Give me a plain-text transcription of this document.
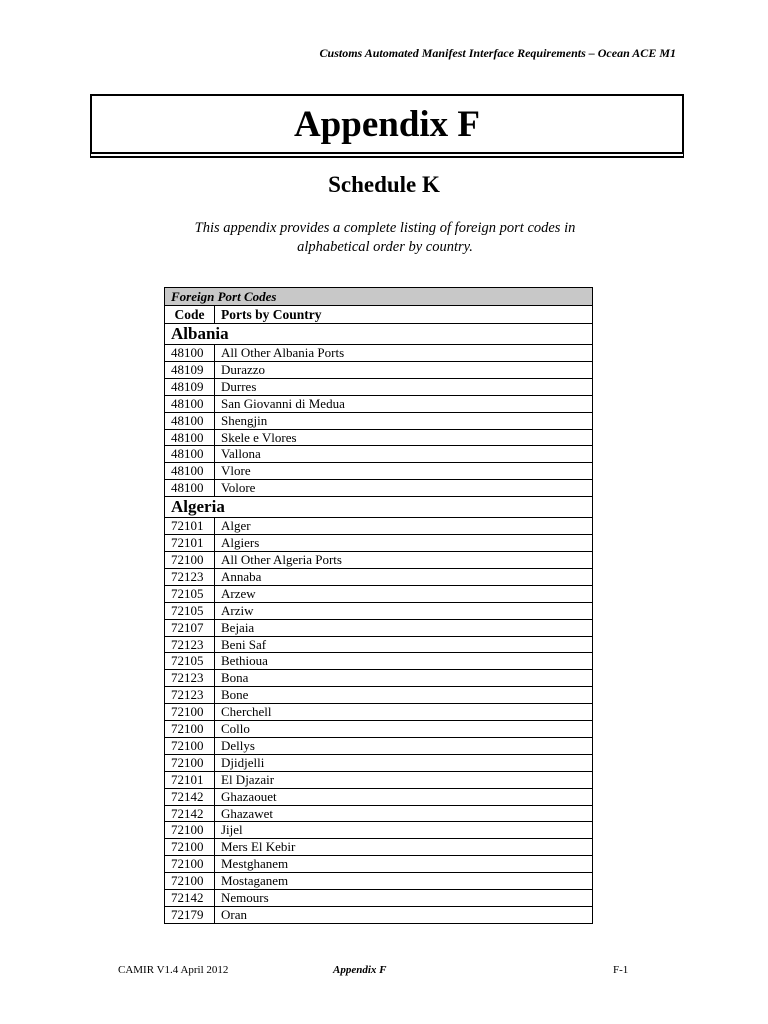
Customs Automated Manifest Interface Requirements – Ocean ACE M1
Appendix F
Schedule K
This appendix provides a complete listing of foreign port codes in alphabetical order by country.
Foreign Port Codes	
Code	Ports by Country
Albania	
48100	All Other Albania Ports
48109	Durazzo
48109	Durres
48100	San Giovanni di Medua
48100	Shengjin
48100	Skele e Vlores
48100	Vallona
48100	Vlore
48100	Volore
Algeria	
72101	Alger
72101	Algiers
72100	All Other Algeria Ports
72123	Annaba
72105	Arzew
72105	Arziw
72107	Bejaia
72123	Beni Saf
72105	Bethioua
72123	Bona
72123	Bone
72100	Cherchell
72100	Collo
72100	Dellys
72100	Djidjelli
72101	El Djazair
72142	Ghazaouet
72142	Ghazawet
72100	Jijel
72100	Mers El Kebir
72100	Mestghanem
72100	Mostaganem
72142	Nemours
72179	Oran
CAMIR V1.4 April 2012	Appendix F	F-1
